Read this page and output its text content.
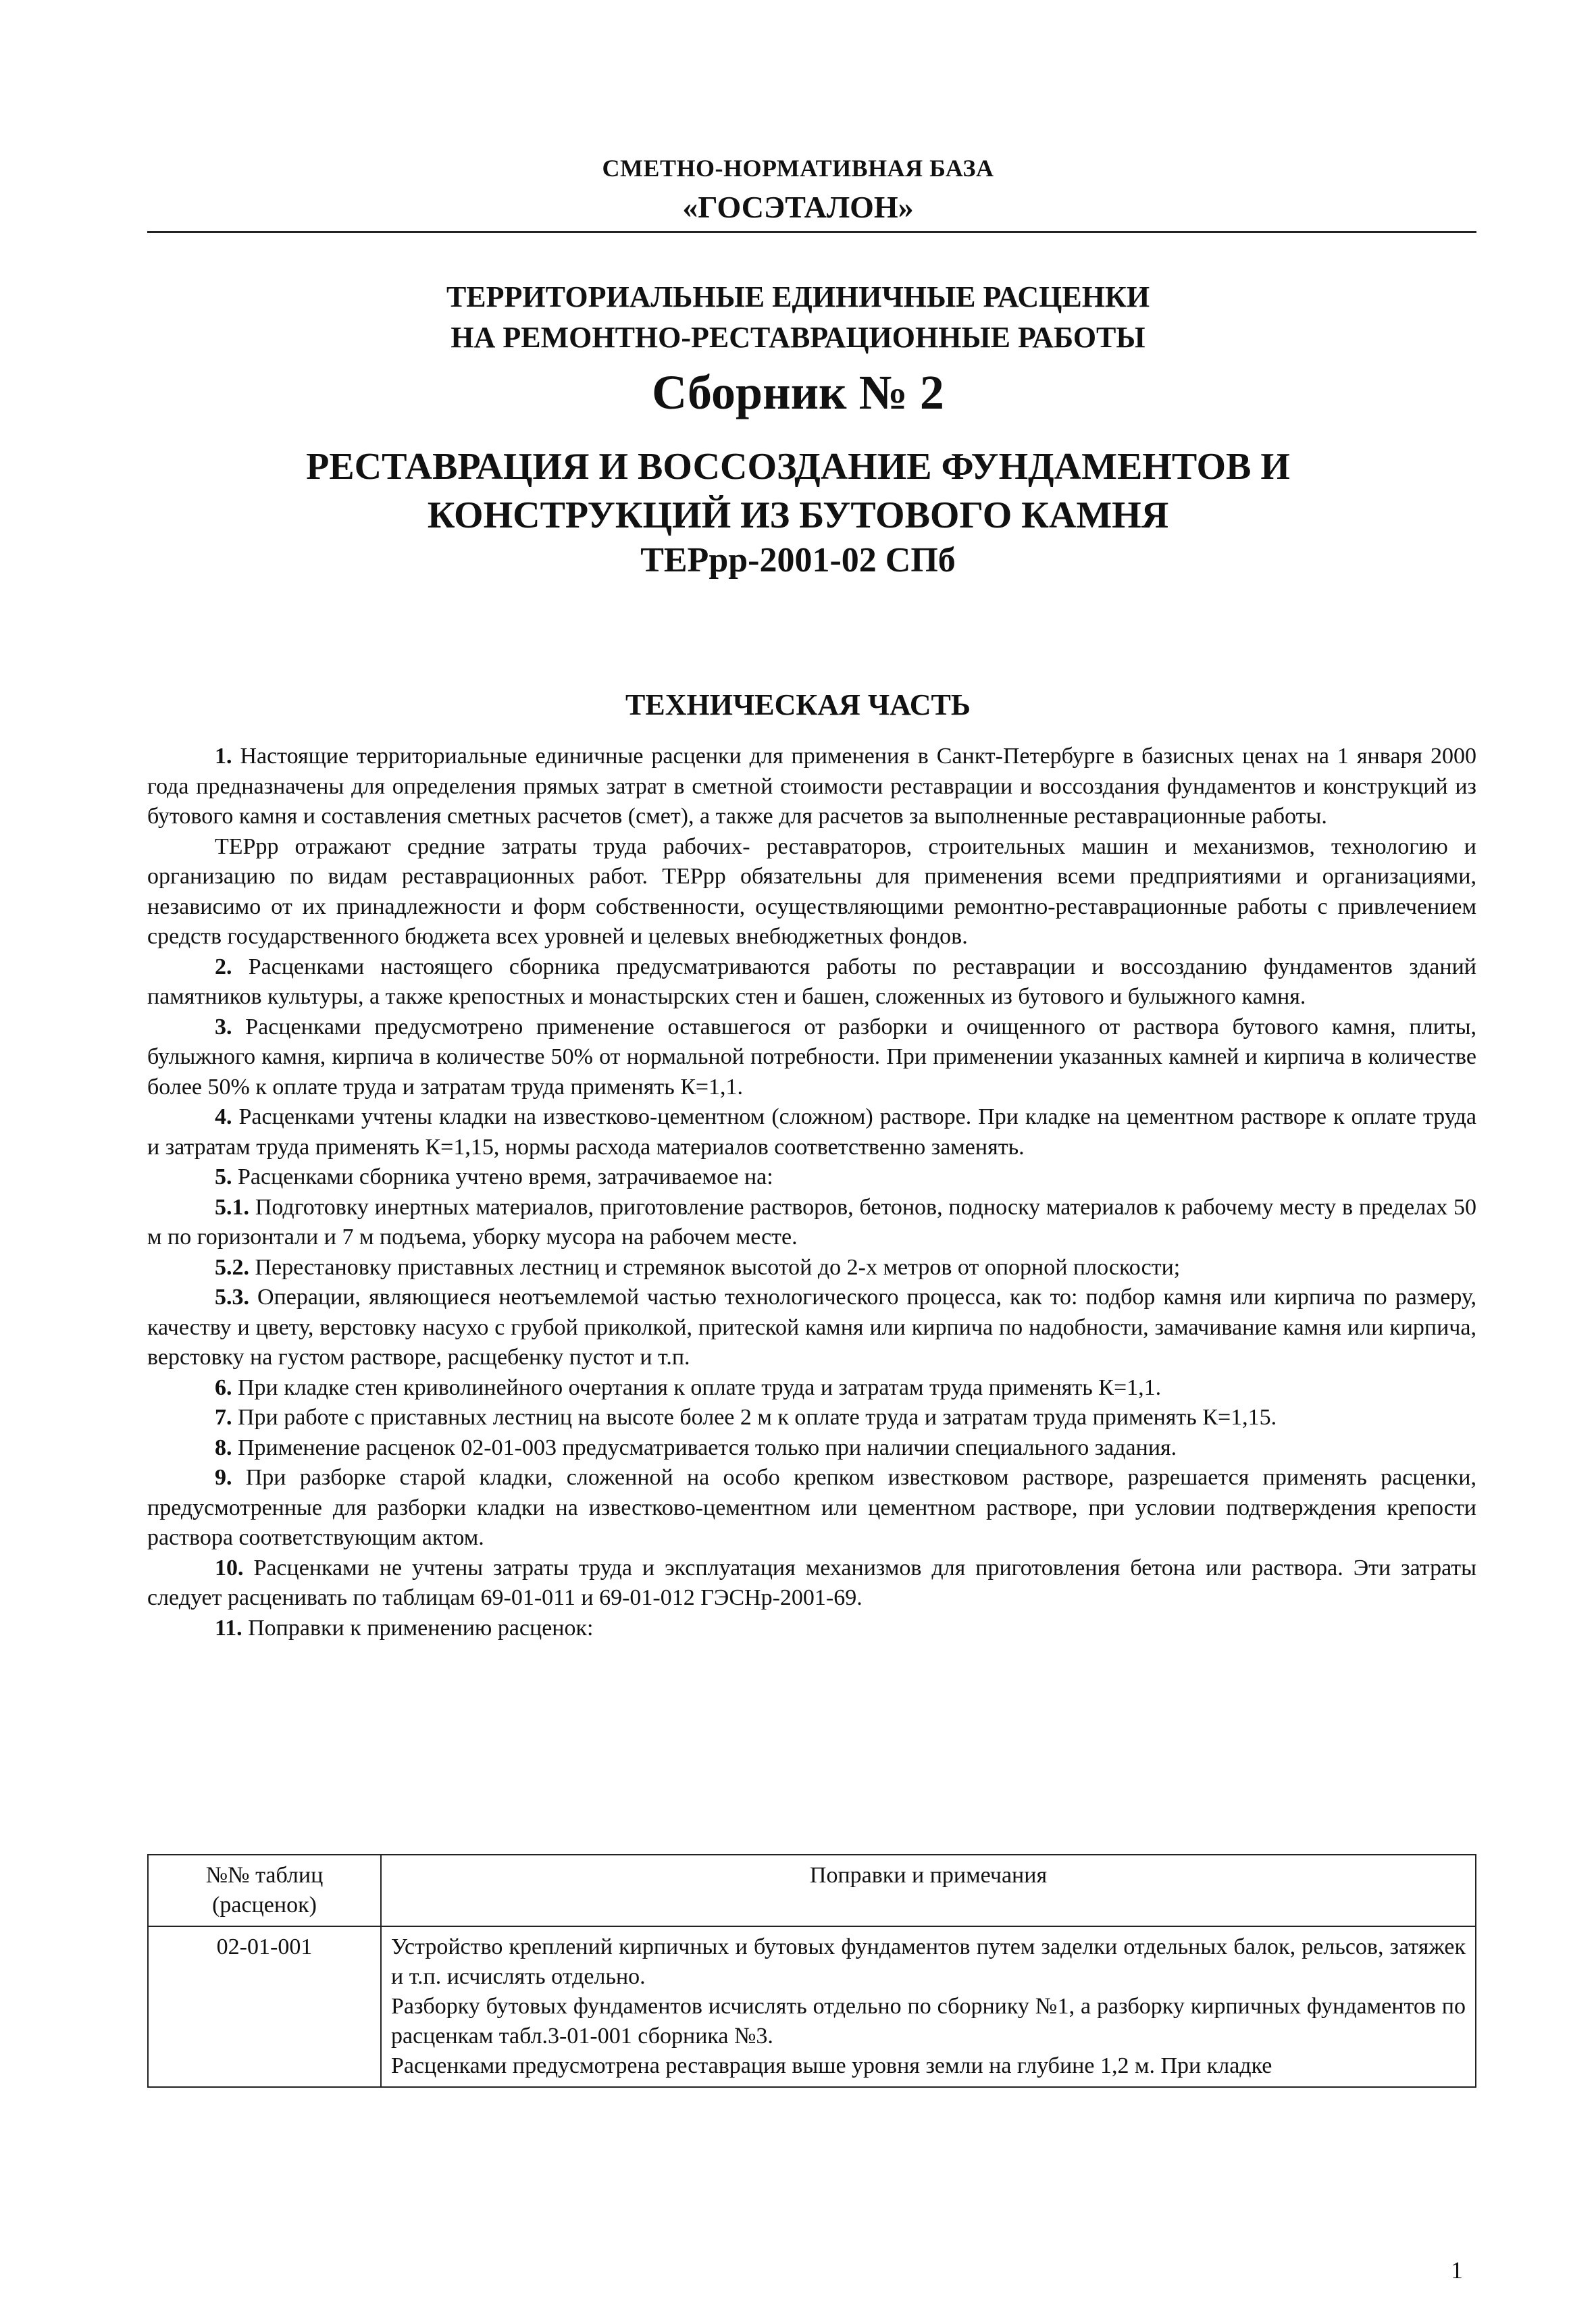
СМЕТНО-НОРМАТИВНАЯ БАЗА
«ГОСЭТАЛОН»
ТЕРРИТОРИАЛЬНЫЕ ЕДИНИЧНЫЕ РАСЦЕНКИ
НА РЕМОНТНО-РЕСТАВРАЦИОННЫЕ РАБОТЫ
Сборник № 2
РЕСТАВРАЦИЯ И ВОССОЗДАНИЕ ФУНДАМЕНТОВ И
КОНСТРУКЦИЙ ИЗ БУТОВОГО КАМНЯ
ТЕРрр-2001-02 СПб
ТЕХНИЧЕСКАЯ ЧАСТЬ

1. Настоящие территориальные единичные расценки для применения в Санкт-Петербурге в базисных ценах на 1 января 2000 года предназначены для определения прямых затрат в сметной стоимости реставрации и воссоздания фундаментов и конструкций из бутового камня и составления сметных расчетов (смет), а также для расчетов за выполненные реставрационные работы.

ТЕРрр отражают средние затраты труда рабочих- реставраторов, строительных машин и механизмов, технологию и организацию по видам реставрационных работ. ТЕРрр обязательны для применения всеми предприятиями и организациями, независимо от их принадлежности и форм собственности, осуществляющими ремонтно-реставрационные работы с привлечением средств государственного бюджета всех уровней и целевых внебюджетных фондов.

2. Расценками настоящего сборника предусматриваются работы по реставрации и воссозданию фундаментов зданий памятников культуры, а также крепостных и монастырских стен и башен, сложенных из бутового и булыжного камня.

3. Расценками предусмотрено применение оставшегося от разборки и очищенного от раствора бутового камня, плиты, булыжного камня, кирпича в количестве 50% от нормальной потребности. При применении указанных камней и кирпича в количестве более 50% к оплате труда и затратам труда применять К=1,1.

4. Расценками учтены кладки на известково-цементном (сложном) растворе. При кладке на цементном растворе к оплате труда и затратам труда применять К=1,15, нормы расхода материалов соответственно заменять.

5. Расценками сборника учтено время, затрачиваемое на:

5.1. Подготовку инертных материалов, приготовление растворов, бетонов, подноску материалов к рабочему месту в пределах 50 м по горизонтали и 7 м подъема, уборку мусора на рабочем месте.

5.2. Перестановку приставных лестниц и стремянок высотой до 2-х метров от опорной плоскости;

5.3. Операции, являющиеся неотъемлемой частью технологического процесса, как то: подбор камня или кирпича по размеру, качеству и цвету, верстовку насухо с грубой приколкой, притеской камня или кирпича по надобности, замачивание камня или кирпича, верстовку на густом растворе, расщебенку пустот и т.п.

6. При кладке стен криволинейного очертания к оплате труда и затратам труда применять К=1,1.

7. При работе с приставных лестниц на высоте более 2 м к оплате труда и затратам труда применять К=1,15.

8. Применение расценок 02-01-003 предусматривается только при наличии специального задания.

9. При разборке старой кладки, сложенной на особо крепком известковом растворе, разрешается применять расценки, предусмотренные для разборки кладки на известково-цементном или цементном растворе, при условии подтверждения крепости раствора соответствующим актом.

10. Расценками не учтены затраты труда и эксплуатация механизмов для приготовления бетона или раствора. Эти затраты следует расценивать по таблицам 69-01-011 и 69-01-012 ГЭСНр-2001-69.

11. Поправки к применению расценок:

№№ таблиц (расценок)	Поправки и примечания
02-01-001	Устройство креплений кирпичных и бутовых фундаментов путем заделки отдельных балок, рельсов, затяжек и т.п. исчислять отдельно.

Разборку бутовых фундаментов исчислять отдельно по сборнику №1, а разборку кирпичных фундаментов по расценкам табл.3-01-001 сборника №3.

Расценками предусмотрена реставрация выше уровня земли на глубине 1,2 м. При кладке

1
